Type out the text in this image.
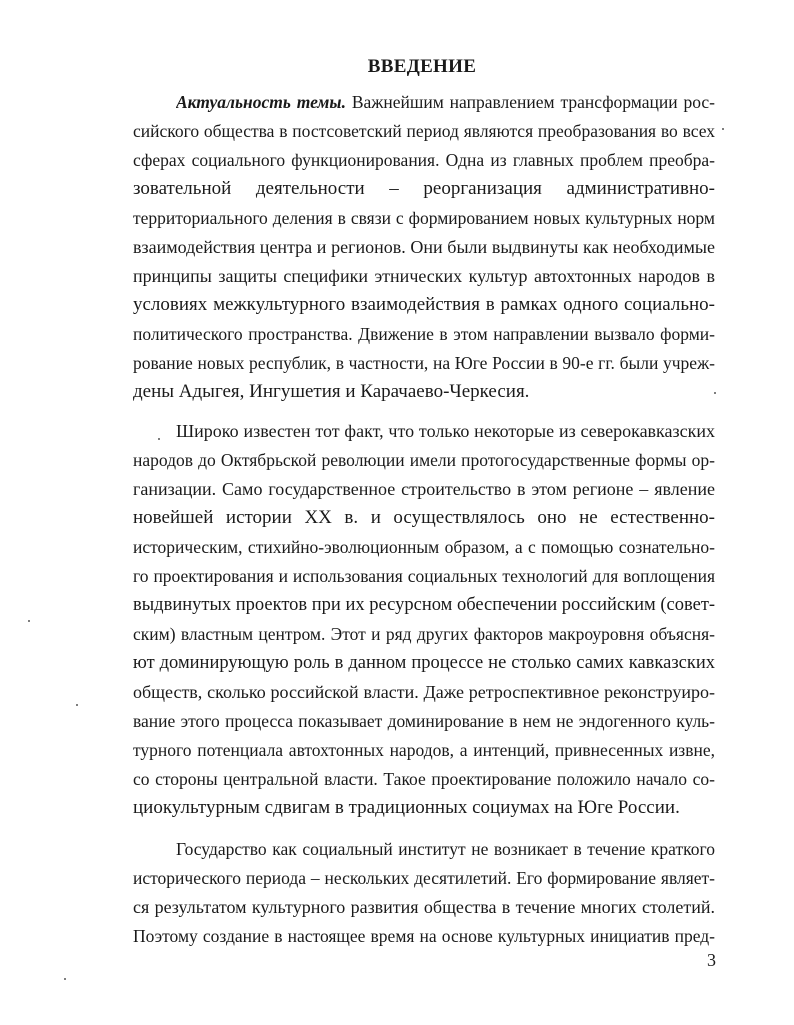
ВВЕДЕНИЕ
Актуальность темы. Важнейшим направлением трансформации рос-
сийского общества в постсоветский период являются преобразования во всех
сферах социального функционирования. Одна из главных проблем преобра-
зовательной деятельности – реорганизация административно-
территориального деления в связи с формированием новых культурных норм
взаимодействия центра и регионов. Они были выдвинуты как необходимые
принципы защиты специфики этнических культур автохтонных народов в
условиях межкультурного взаимодействия в рамках одного социально-
политического пространства. Движение в этом направлении вызвало форми-
рование новых республик, в частности, на Юге России в 90-е гг. были учреж-
дены Адыгея, Ингушетия и Карачаево-Черкесия.
Широко известен тот факт, что только некоторые из северокавказских
народов до Октябрьской революции имели протогосударственные формы ор-
ганизации. Само государственное строительство в этом регионе – явление
новейшей истории XX в. и осуществлялось оно не естественно-
историческим, стихийно-эволюционным образом, а с помощью сознательно-
го проектирования и использования социальных технологий для воплощения
выдвинутых проектов при их ресурсном обеспечении российским (совет-
ским) властным центром. Этот и ряд других факторов макроуровня объясня-
ют доминирующую роль в данном процессе не столько самих кавказских
обществ, сколько российской власти. Даже ретроспективное реконструиро-
вание этого процесса показывает доминирование в нем не эндогенного куль-
турного потенциала автохтонных народов, а интенций, привнесенных извне,
со стороны центральной власти. Такое проектирование положило начало со-
циокультурным сдвигам в традиционных социумах на Юге России.
Государство как социальный институт не возникает в течение краткого
исторического периода – нескольких десятилетий. Его формирование являет-
ся результатом культурного развития общества в течение многих столетий.
Поэтому создание в настоящее время на основе культурных инициатив пред-
3
